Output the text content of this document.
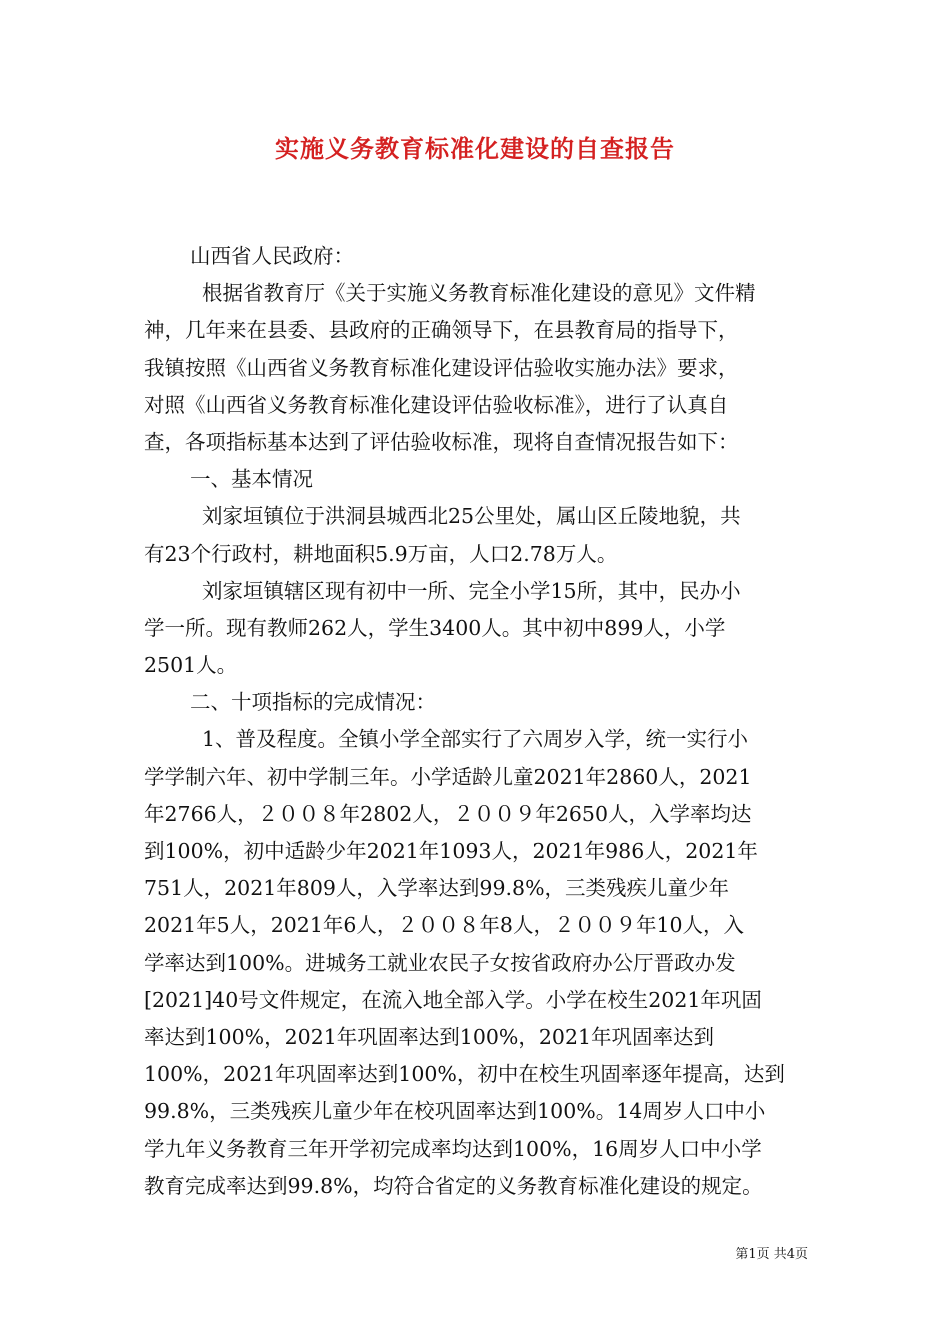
实施义务教育标准化建设的自查报告
山西省人民政府：
根据省教育厅《关于实施义务教育标准化建设的意见》文件精
神，几年来在县委、县政府的正确领导下，在县教育局的指导下，
我镇按照《山西省义务教育标准化建设评估验收实施办法》要求，
对照《山西省义务教育标准化建设评估验收标准》，进行了认真自
查，各项指标基本达到了评估验收标准，现将自查情况报告如下：
一、基本情况
刘家垣镇位于洪洞县城西北25公里处，属山区丘陵地貌，共
有23个行政村，耕地面积5.9万亩，人口2.78万人。
刘家垣镇辖区现有初中一所、完全小学15所，其中，民办小
学一所。现有教师262人，学生3400人。其中初中899人，小学
2501人。
二、十项指标的完成情况：
1、普及程度。全镇小学全部实行了六周岁入学，统一实行小
学学制六年、初中学制三年。小学适龄儿童2021年2860人，2021
年2766人，２００８年2802人，２００９年2650人，入学率均达
到100%，初中适龄少年2021年1093人，2021年986人，2021年
751人，2021年809人，入学率达到99.8%，三类残疾儿童少年
2021年5人，2021年6人，２００８年8人，２００９年10人，入
学率达到100%。进城务工就业农民子女按省政府办公厅晋政办发
[2021]40号文件规定，在流入地全部入学。小学在校生2021年巩固
率达到100%，2021年巩固率达到100%，2021年巩固率达到
100%，2021年巩固率达到100%，初中在校生巩固率逐年提高，达到
99.8%，三类残疾儿童少年在校巩固率达到100%。14周岁人口中小
学九年义务教育三年开学初完成率均达到100%，16周岁人口中小学
教育完成率达到99.8%，均符合省定的义务教育标准化建设的规定。
第1页 共4页
